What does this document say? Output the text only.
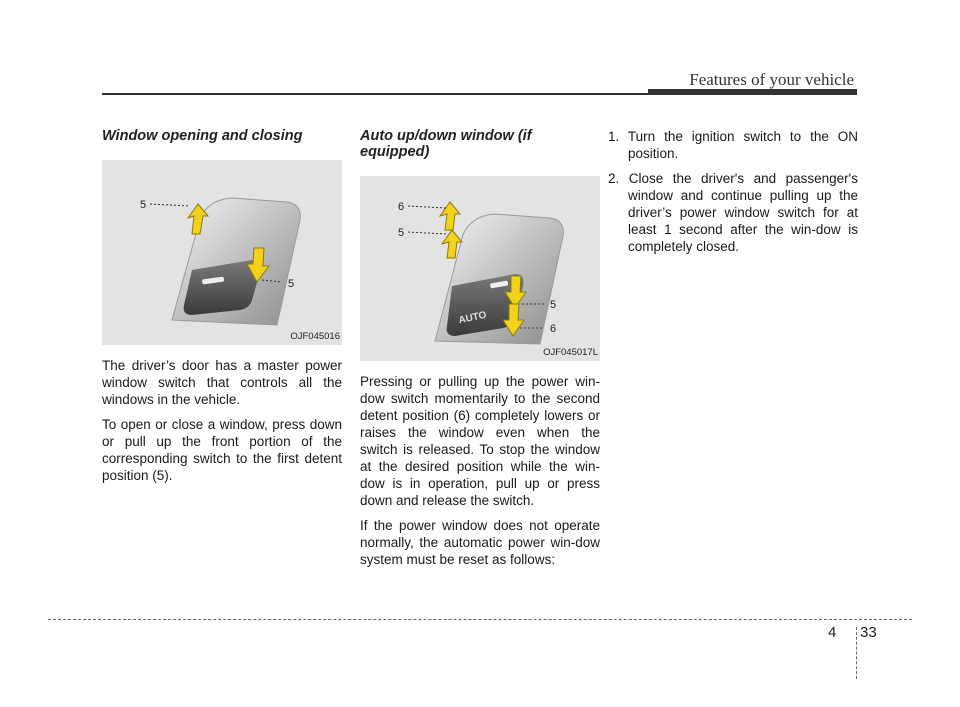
Features of your vehicle
Window opening and closing
5
5
OJF045016

The driver’s door has a master power window switch that controls all the windows in the vehicle.

To open or close a window, press down or pull up the front portion of the corresponding switch to the first detent position (5).

Auto up/down window (if equipped)
AUTO
6
5
5
6
OJF045017L

Pressing or pulling up the power win-dow switch momentarily to the second detent position (6) completely lowers or raises the window even when the switch is released. To stop the window at the desired position while the win-dow is in operation, pull up or press down and release the switch.

If the power window does not operate normally, the automatic power win-dow system must be reset as follows:

1. Turn the ignition switch to the ON position.
2. Close the driver's and passenger's window and continue pulling up the driver’s power window switch for at least 1 second after the win-dow is completely closed.
4 33
